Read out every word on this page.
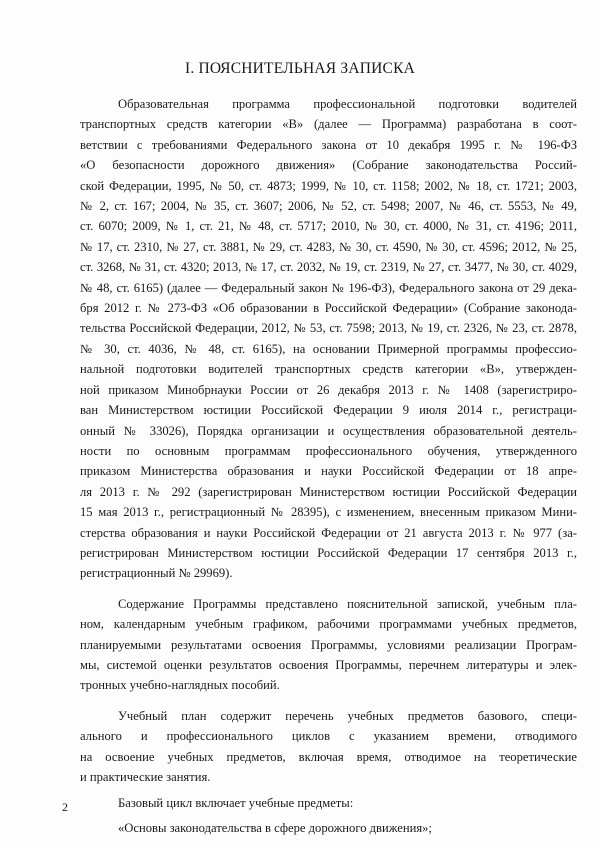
I. ПОЯСНИТЕЛЬНАЯ ЗАПИСКА
Образовательная программа профессиональной подготовки водителей
транспортных средств категории «В» (далее — Программа) разработана в соот-
ветствии с требованиями Федерального закона от 10 декабря 1995 г. № 196-ФЗ
«О безопасности дорожного движения» (Собрание законодательства Россий-
ской Федерации, 1995, № 50, ст. 4873; 1999, № 10, ст. 1158; 2002, № 18, ст. 1721; 2003,
№ 2, ст. 167; 2004, № 35, ст. 3607; 2006, № 52, ст. 5498; 2007, № 46, ст. 5553, № 49,
ст. 6070; 2009, № 1, ст. 21, № 48, ст. 5717; 2010, № 30, ст. 4000, № 31, ст. 4196; 2011,
№ 17, ст. 2310, № 27, ст. 3881, № 29, ст. 4283, № 30, ст. 4590, № 30, ст. 4596; 2012, № 25,
ст. 3268, № 31, ст. 4320; 2013, № 17, ст. 2032, № 19, ст. 2319, № 27, ст. 3477, № 30, ст. 4029,
№ 48, ст. 6165) (далее — Федеральный закон № 196-ФЗ), Федерального закона от 29 дека-
бря 2012 г. № 273-ФЗ «Об образовании в Российской Федерации» (Собрание законода-
тельства Российской Федерации, 2012, № 53, ст. 7598; 2013, № 19, ст. 2326, № 23, ст. 2878,
№ 30, ст. 4036, № 48, ст. 6165), на основании Примерной программы профессио-
нальной подготовки водителей транспортных средств категории «В», утвержден-
ной приказом Минобрнауки России от 26 декабря 2013 г. № 1408 (зарегистриро-
ван Министерством юстиции Российской Федерации 9 июля 2014 г., регистраци-
онный № 33026), Порядка организации и осуществления образовательной деятель-
ности по основным программам профессионального обучения, утвержденного
приказом Министерства образования и науки Российской Федерации от 18 апре-
ля 2013 г. № 292 (зарегистрирован Министерством юстиции Российской Федерации
15 мая 2013 г., регистрационный № 28395), с изменением, внесенным приказом Мини-
стерства образования и науки Российской Федерации от 21 августа 2013 г. № 977 (за-
регистрирован Министерством юстиции Российской Федерации 17 сентября 2013 г.,
регистрационный № 29969).
Содержание Программы представлено пояснительной запиской, учебным пла-
ном, календарным учебным графиком, рабочими программами учебных предметов,
планируемыми результатами освоения Программы, условиями реализации Програм-
мы, системой оценки результатов освоения Программы, перечнем литературы и элек-
тронных учебно-наглядных пособий.
Учебный план содержит перечень учебных предметов базового, специ-
ального и профессионального циклов с указанием времени, отводимого
на освоение учебных предметов, включая время, отводимое на теоретические
и практические занятия.
Базовый цикл включает учебные предметы:
«Основы законодательства в сфере дорожного движения»;
2
